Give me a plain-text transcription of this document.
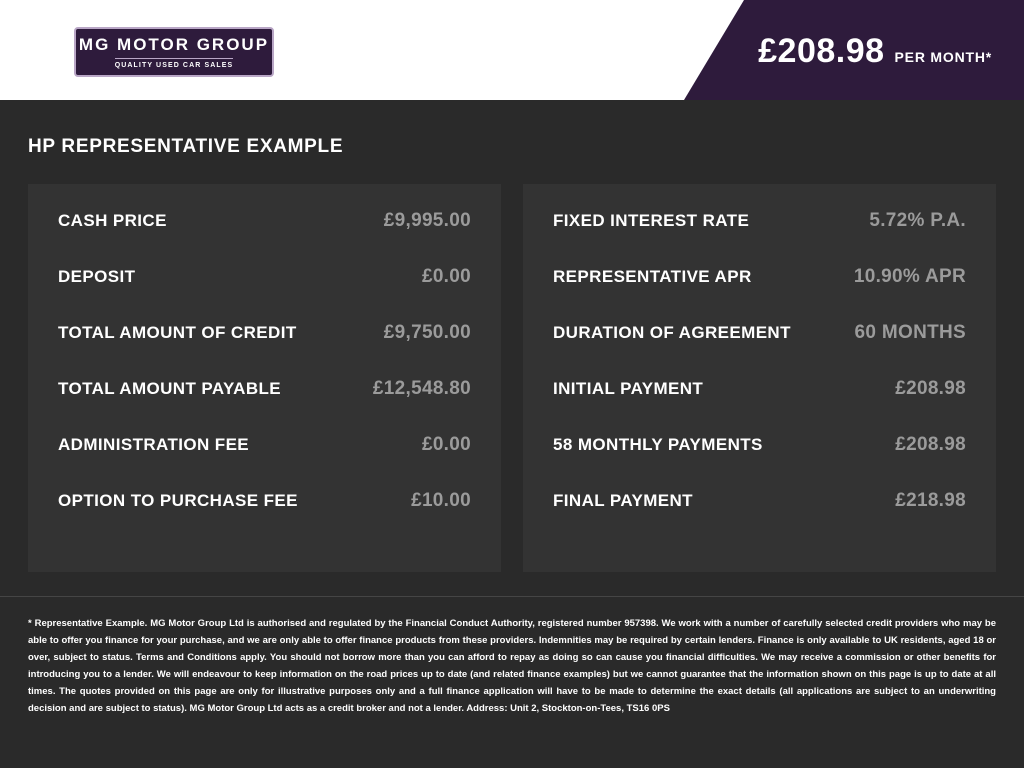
MG MOTOR GROUP
QUALITY USED CAR SALES	£208.98 PER MONTH*
HP REPRESENTATIVE EXAMPLE
CASH PRICE	£9,995.00
DEPOSIT	£0.00
TOTAL AMOUNT OF CREDIT	£9,750.00
TOTAL AMOUNT PAYABLE	£12,548.80
ADMINISTRATION FEE	£0.00
OPTION TO PURCHASE FEE	£10.00
FIXED INTEREST RATE	5.72% P.A.
REPRESENTATIVE APR	10.90% APR
DURATION OF AGREEMENT	60 MONTHS
INITIAL PAYMENT	£208.98
58 MONTHLY PAYMENTS	£208.98
FINAL PAYMENT	£218.98
* Representative Example. MG Motor Group Ltd is authorised and regulated by the Financial Conduct Authority, registered number 957398. We work with a number of carefully selected credit providers who may be able to offer you finance for your purchase, and we are only able to offer finance products from these providers. Indemnities may be required by certain lenders. Finance is only available to UK residents, aged 18 or over, subject to status. Terms and Conditions apply. You should not borrow more than you can afford to repay as doing so can cause you financial difficulties. We may receive a commission or other benefits for introducing you to a lender. We will endeavour to keep information on the road prices up to date (and related finance examples) but we cannot guarantee that the information shown on this page is up to date at all times. The quotes provided on this page are only for illustrative purposes only and a full finance application will have to be made to determine the exact details (all applications are subject to an underwriting decision and are subject to status). MG Motor Group Ltd acts as a credit broker and not a lender. Address: Unit 2, Stockton-on-Tees, TS16 0PS
